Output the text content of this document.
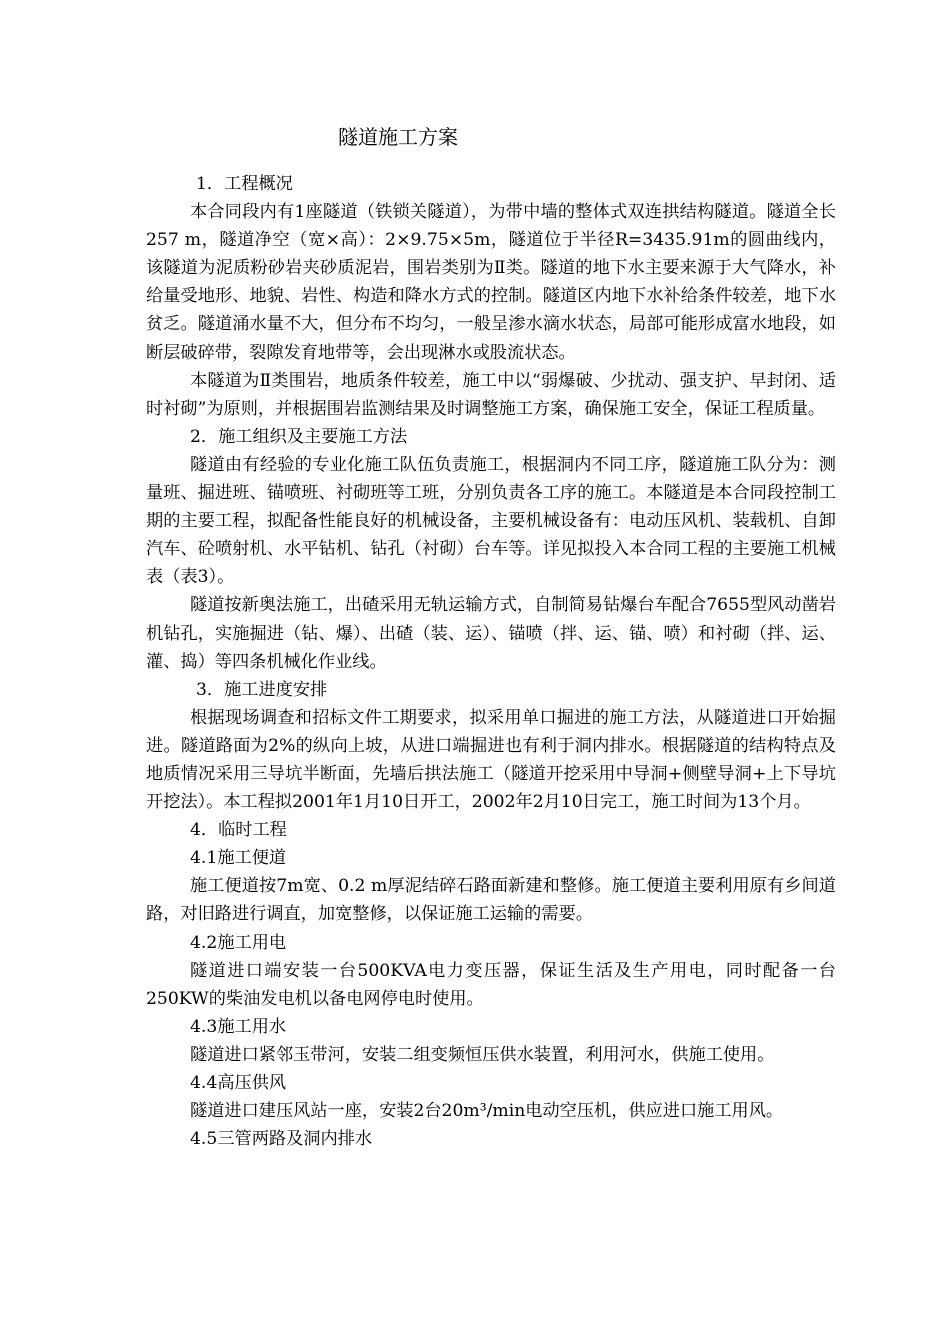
隧道施工方案

1．工程概况

本合同段内有1座隧道（铁锁关隧道），为带中墙的整体式双连拱结构隧道。隧道全长257 m，隧道净空（宽×高）：2×9.75×5m，隧道位于半径R=3435.91m的圆曲线内，该隧道为泥质粉砂岩夹砂质泥岩，围岩类别为Ⅱ类。隧道的地下水主要来源于大气降水，补给量受地形、地貌、岩性、构造和降水方式的控制。隧道区内地下水补给条件较差，地下水贫乏。隧道涌水量不大，但分布不均匀，一般呈渗水滴水状态，局部可能形成富水地段，如断层破碎带，裂隙发育地带等，会出现淋水或股流状态。

本隧道为Ⅱ类围岩，地质条件较差，施工中以“弱爆破、少扰动、强支护、早封闭、适时衬砌”为原则，并根据围岩监测结果及时调整施工方案，确保施工安全，保证工程质量。

2．施工组织及主要施工方法

隧道由有经验的专业化施工队伍负责施工，根据洞内不同工序，隧道施工队分为：测量班、掘进班、锚喷班、衬砌班等工班，分别负责各工序的施工。本隧道是本合同段控制工期的主要工程，拟配备性能良好的机械设备，主要机械设备有：电动压风机、装载机、自卸汽车、砼喷射机、水平钻机、钻孔（衬砌）台车等。详见拟投入本合同工程的主要施工机械表（表3）。

隧道按新奥法施工，出碴采用无轨运输方式，自制简易钻爆台车配合7655型风动凿岩机钻孔，实施掘进（钻、爆）、出碴（装、运）、锚喷（拌、运、锚、喷）和衬砌（拌、运、灌、捣）等四条机械化作业线。

3．施工进度安排

根据现场调查和招标文件工期要求，拟采用单口掘进的施工方法，从隧道进口开始掘进。隧道路面为2%的纵向上坡，从进口端掘进也有利于洞内排水。根据隧道的结构特点及地质情况采用三导坑半断面，先墙后拱法施工（隧道开挖采用中导洞+侧壁导洞+上下导坑开挖法）。本工程拟2001年1月10日开工，2002年2月10日完工，施工时间为13个月。

4．临时工程

4.1施工便道

施工便道按7m宽、0.2 m厚泥结碎石路面新建和整修。施工便道主要利用原有乡间道路，对旧路进行调直，加宽整修，以保证施工运输的需要。

4.2施工用电

隧道进口端安装一台500KVA电力变压器，保证生活及生产用电，同时配备一台250KW的柴油发电机以备电网停电时使用。

4.3施工用水

隧道进口紧邻玉带河，安装二组变频恒压供水装置，利用河水，供施工使用。

4.4高压供风

隧道进口建压风站一座，安装2台20m³/min电动空压机，供应进口施工用风。

4.5三管两路及洞内排水
